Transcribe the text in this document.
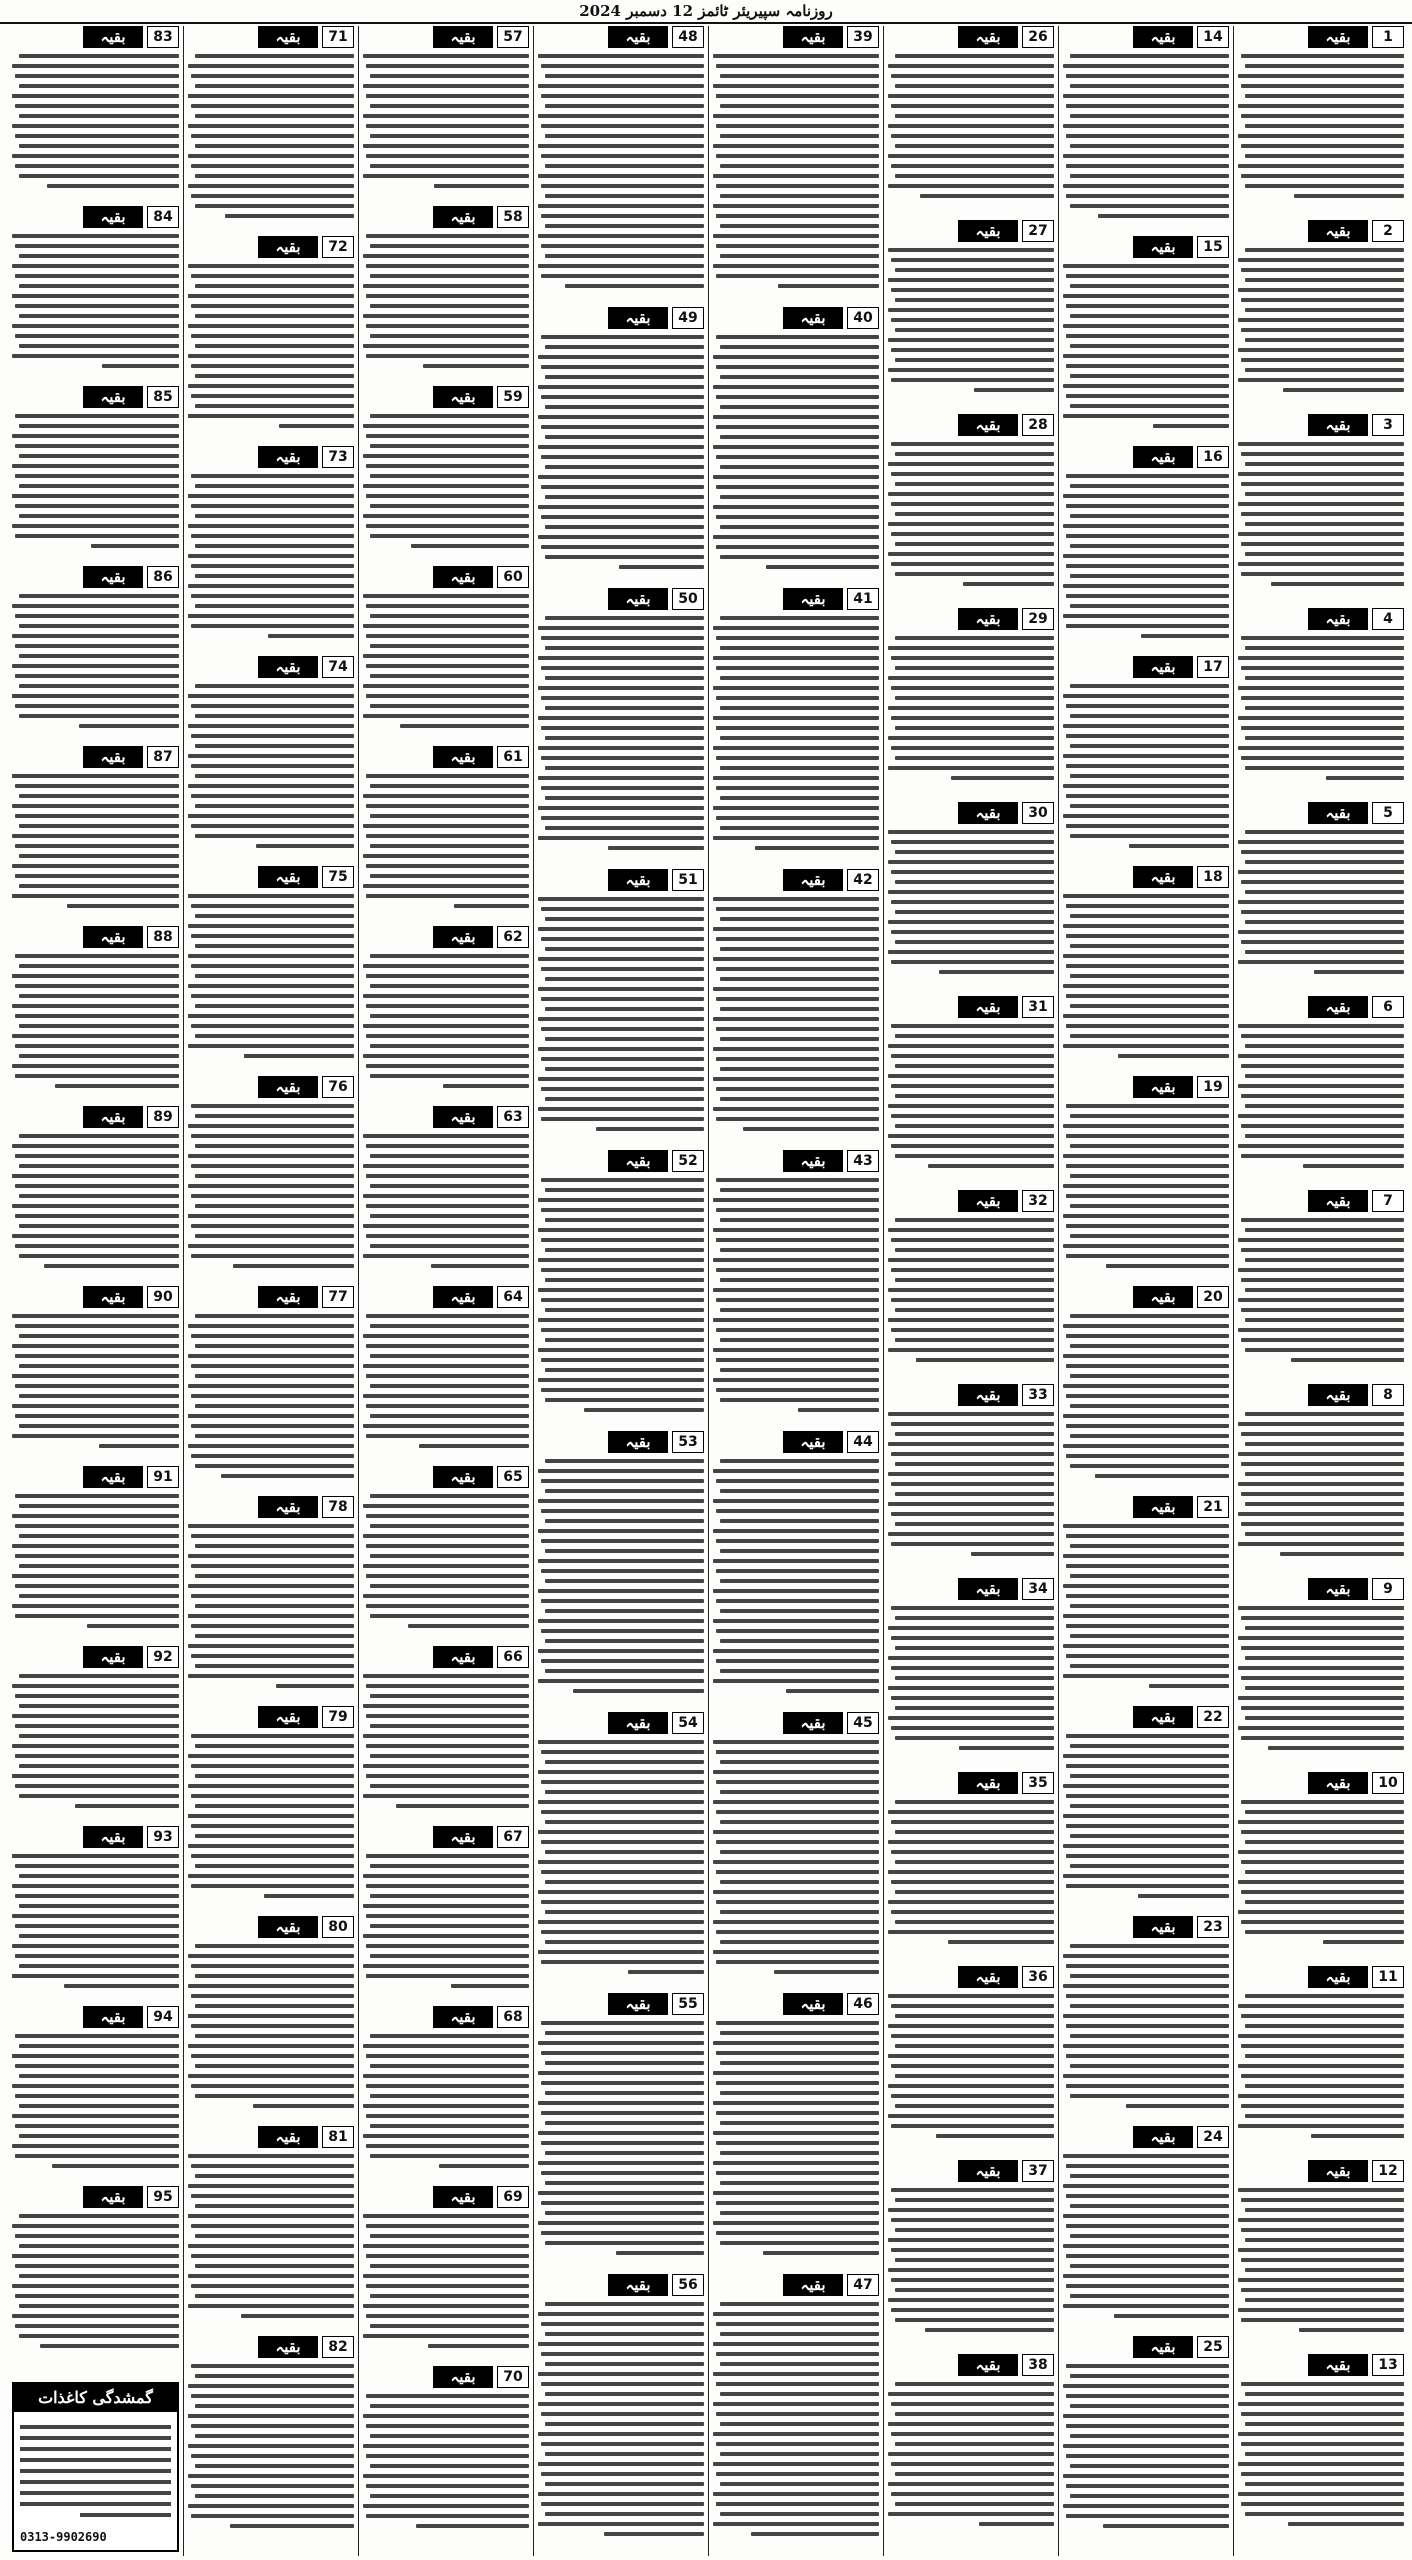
روزنامہ سپیریئر ٹائمز 12 دسمبر 2024
1
بقیہ
2
بقیہ
3
بقیہ
4
بقیہ
5
بقیہ
6
بقیہ
7
بقیہ
8
بقیہ
9
بقیہ
10
بقیہ
11
بقیہ
12
بقیہ
13
بقیہ
14
بقیہ
15
بقیہ
16
بقیہ
17
بقیہ
18
بقیہ
19
بقیہ
20
بقیہ
21
بقیہ
22
بقیہ
23
بقیہ
24
بقیہ
25
بقیہ
26
بقیہ
27
بقیہ
28
بقیہ
29
بقیہ
30
بقیہ
31
بقیہ
32
بقیہ
33
بقیہ
34
بقیہ
35
بقیہ
36
بقیہ
37
بقیہ
38
بقیہ
39
بقیہ
40
بقیہ
41
بقیہ
42
بقیہ
43
بقیہ
44
بقیہ
45
بقیہ
46
بقیہ
47
بقیہ
48
بقیہ
49
بقیہ
50
بقیہ
51
بقیہ
52
بقیہ
53
بقیہ
54
بقیہ
55
بقیہ
56
بقیہ
57
بقیہ
58
بقیہ
59
بقیہ
60
بقیہ
61
بقیہ
62
بقیہ
63
بقیہ
64
بقیہ
65
بقیہ
66
بقیہ
67
بقیہ
68
بقیہ
69
بقیہ
70
بقیہ
71
بقیہ
72
بقیہ
73
بقیہ
74
بقیہ
75
بقیہ
76
بقیہ
77
بقیہ
78
بقیہ
79
بقیہ
80
بقیہ
81
بقیہ
82
بقیہ
83
بقیہ
84
بقیہ
85
بقیہ
86
بقیہ
87
بقیہ
88
بقیہ
89
بقیہ
90
بقیہ
91
بقیہ
92
بقیہ
93
بقیہ
94
بقیہ
95
بقیہ
گمشدگی کاغذات
0313-9902690
